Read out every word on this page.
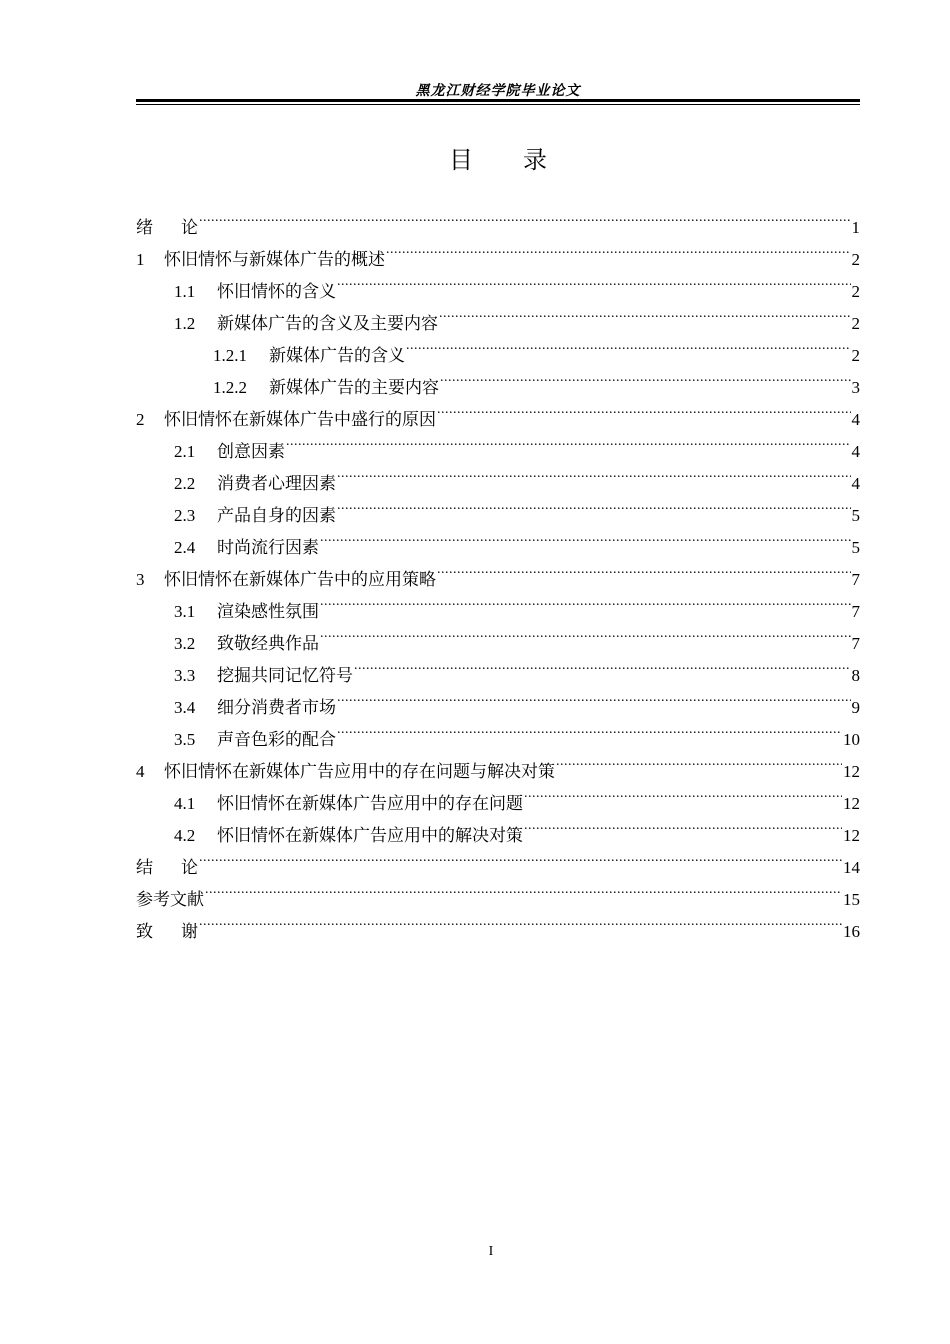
黑龙江财经学院毕业论文
目 录
绪论 .....	1
1	怀旧情怀与新媒体广告的概述 .....	2
1.1	怀旧情怀的含义 .....	2
1.2	新媒体广告的含义及主要内容 .....	2
1.2.1	新媒体广告的含义 .....	2
1.2.2	新媒体广告的主要内容 .....	3
2	怀旧情怀在新媒体广告中盛行的原因 .....	4
2.1	创意因素 .....	4
2.2	消费者心理因素 .....	4
2.3	产品自身的因素 .....	5
2.4	时尚流行因素 .....	5
3	怀旧情怀在新媒体广告中的应用策略 .....	7
3.1	渲染感性氛围 .....	7
3.2	致敬经典作品 .....	7
3.3	挖掘共同记忆符号 .....	8
3.4	细分消费者市场 .....	9
3.5	声音色彩的配合 .....	10
4	怀旧情怀在新媒体广告应用中的存在问题与解决对策 .....	12
4.1	怀旧情怀在新媒体广告应用中的存在问题 .....	12
4.2	怀旧情怀在新媒体广告应用中的解决对策 .....	12
结论 .....	14
参考文献 .....	15
致谢 .....	16
I
